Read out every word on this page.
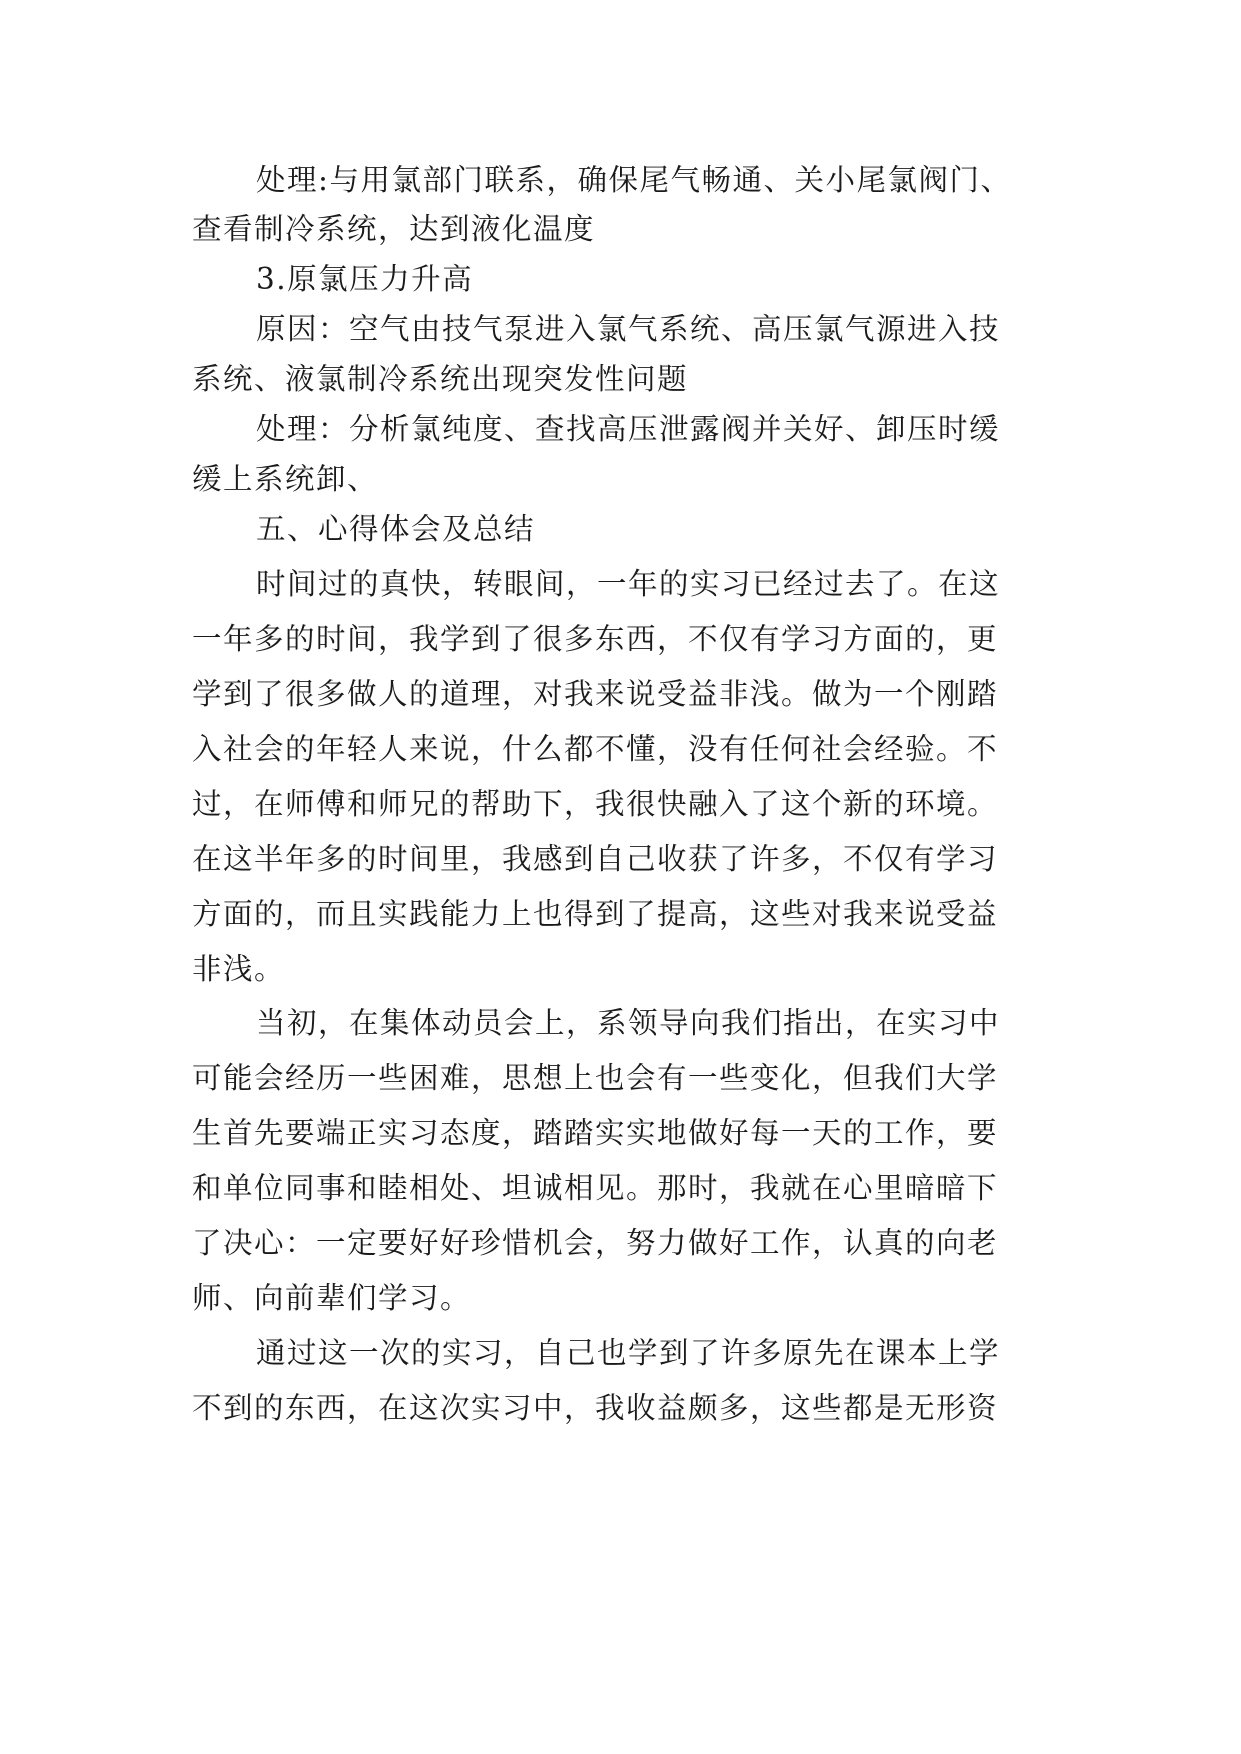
处理:与用氯部门联系，确保尾气畅通、关小尾氯阀门、
查看制冷系统，达到液化温度
3.原氯压力升高
原因：空气由技气泵进入氯气系统、高压氯气源进入技
系统、液氯制冷系统出现突发性问题
处理：分析氯纯度、查找高压泄露阀并关好、卸压时缓
缓上系统卸、
五、心得体会及总结
时间过的真快，转眼间，一年的实习已经过去了。在这
一年多的时间，我学到了很多东西，不仅有学习方面的，更
学到了很多做人的道理，对我来说受益非浅。做为一个刚踏
入社会的年轻人来说，什么都不懂，没有任何社会经验。不
过，在师傅和师兄的帮助下，我很快融入了这个新的环境。
在这半年多的时间里，我感到自己收获了许多，不仅有学习
方面的，而且实践能力上也得到了提高，这些对我来说受益
非浅。
当初，在集体动员会上，系领导向我们指出，在实习中
可能会经历一些困难，思想上也会有一些变化，但我们大学
生首先要端正实习态度，踏踏实实地做好每一天的工作，要
和单位同事和睦相处、坦诚相见。那时，我就在心里暗暗下
了决心：一定要好好珍惜机会，努力做好工作，认真的向老
师、向前辈们学习。
通过这一次的实习，自己也学到了许多原先在课本上学
不到的东西，在这次实习中，我收益颇多，这些都是无形资
